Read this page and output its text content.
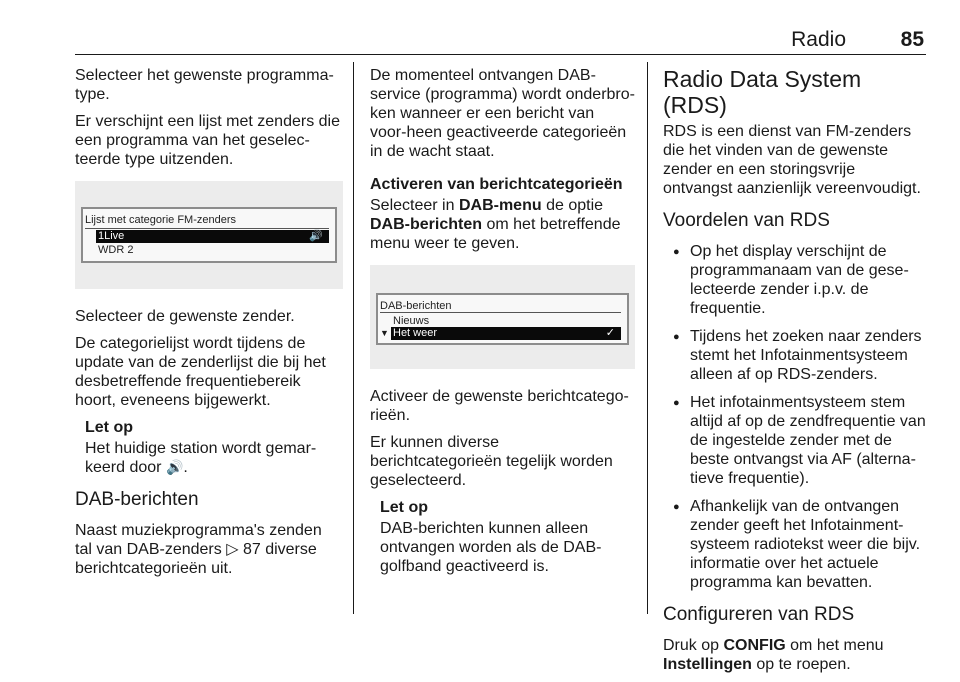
Radio	85

Selecteer het gewenste programma-type.

Er verschijnt een lijst met zenders die een programma van het geselec-teerde type uitzenden.

Lijst met categorie FM-zenders
1Live	🔊
WDR 2

Selecteer de gewenste zender.

De categorielijst wordt tijdens de update van de zenderlijst die bij het desbetreffende frequentiebereik hoort, eveneens bijgewerkt.

Let op

Het huidige station wordt gemar-keerd door 🔊.

DAB-berichten

Naast muziekprogramma's zenden tal van DAB-zenders ▷ 87 diverse berichtcategorieën uit.

De momenteel ontvangen DAB-service (programma) wordt onderbro-ken wanneer er een bericht van voor-heen geactiveerde categorieën in de wacht staat.

Activeren van berichtcategorieën

Selecteer in DAB-menu de optie DAB-berichten om het betreffende menu weer te geven.

DAB-berichten
Nieuws
▼ Het weer	✓

Activeer de gewenste berichtcatego-rieën.

Er kunnen diverse berichtcategorieën tegelijk worden geselecteerd.

Let op

DAB-berichten kunnen alleen ontvangen worden als de DAB-golfband geactiveerd is.

Radio Data System (RDS)

RDS is een dienst van FM-zenders die het vinden van de gewenste zender en een storingsvrije ontvangst aanzienlijk vereenvoudigt.

Voordelen van RDS
● Op het display verschijnt de programmanaam van de gese-lecteerde zender i.p.v. de frequentie.
● Tijdens het zoeken naar zenders stemt het Infotainmentsysteem alleen af op RDS-zenders.
● Het infotainmentsysteem stem altijd af op de zendfrequentie van de ingestelde zender met de beste ontvangst via AF (alterna-tieve frequentie).
● Afhankelijk van de ontvangen zender geeft het Infotainment-systeem radiotekst weer die bijv. informatie over het actuele programma kan bevatten.
Configureren van RDS

Druk op CONFIG om het menu Instellingen op te roepen.
